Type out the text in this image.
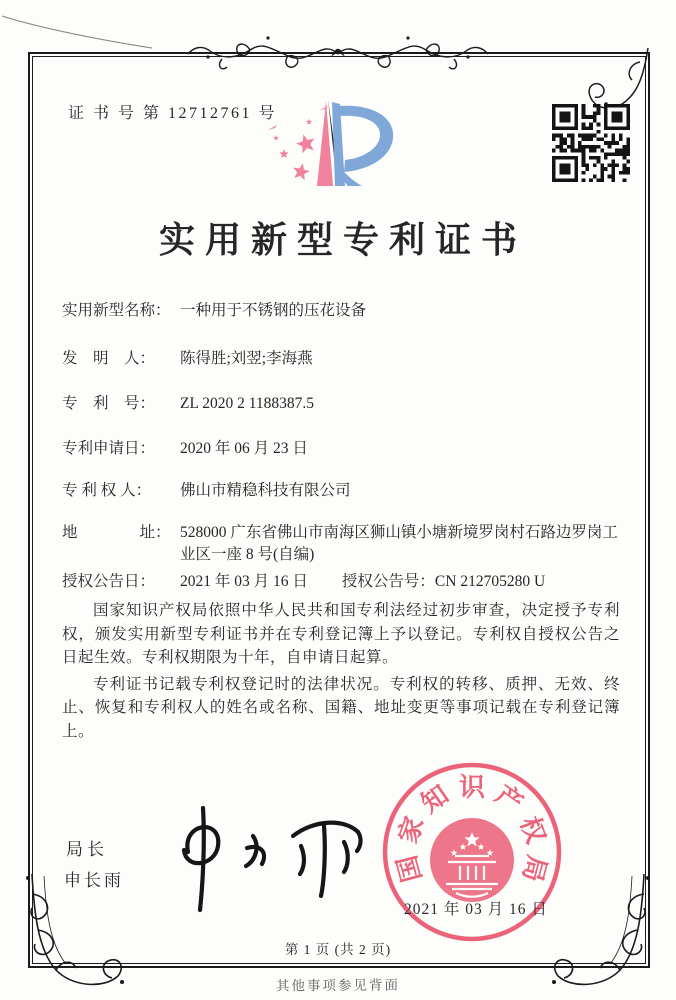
证 书 号 第 12712761 号
实用新型专利证书
实用新型名称： 一种用于不锈钢的压花设备
发　明　人：	陈得胜;刘翌;李海燕
专　利　号：	ZL 2020 2 1188387.5
专利申请日：	2020 年 06 月 23 日
专 利 权 人：	佛山市精稳科技有限公司
地　　　　址： 528000 广东省佛山市南海区狮山镇小塘新境罗岗村石路边罗岗工业区一座 8 号(自编)
授权公告日：	2021 年 03 月 16 日 授权公告号： CN 212705280 U

国家知识产权局依照中华人民共和国专利法经过初步审查，决定授予专利权，颁发实用新型专利证书并在专利登记簿上予以登记。专利权自授权公告之日起生效。专利权期限为十年，自申请日起算。

专利证书记载专利权登记时的法律状况。专利权的转移、质押、无效、终止、恢复和专利权人的姓名或名称、国籍、地址变更等事项记载在专利登记簿上。

局长
申长雨	国
家
知 识 产
权
局
2021 年 03 月 16 日
第 1 页 (共 2 页)
其他事项参见背面
